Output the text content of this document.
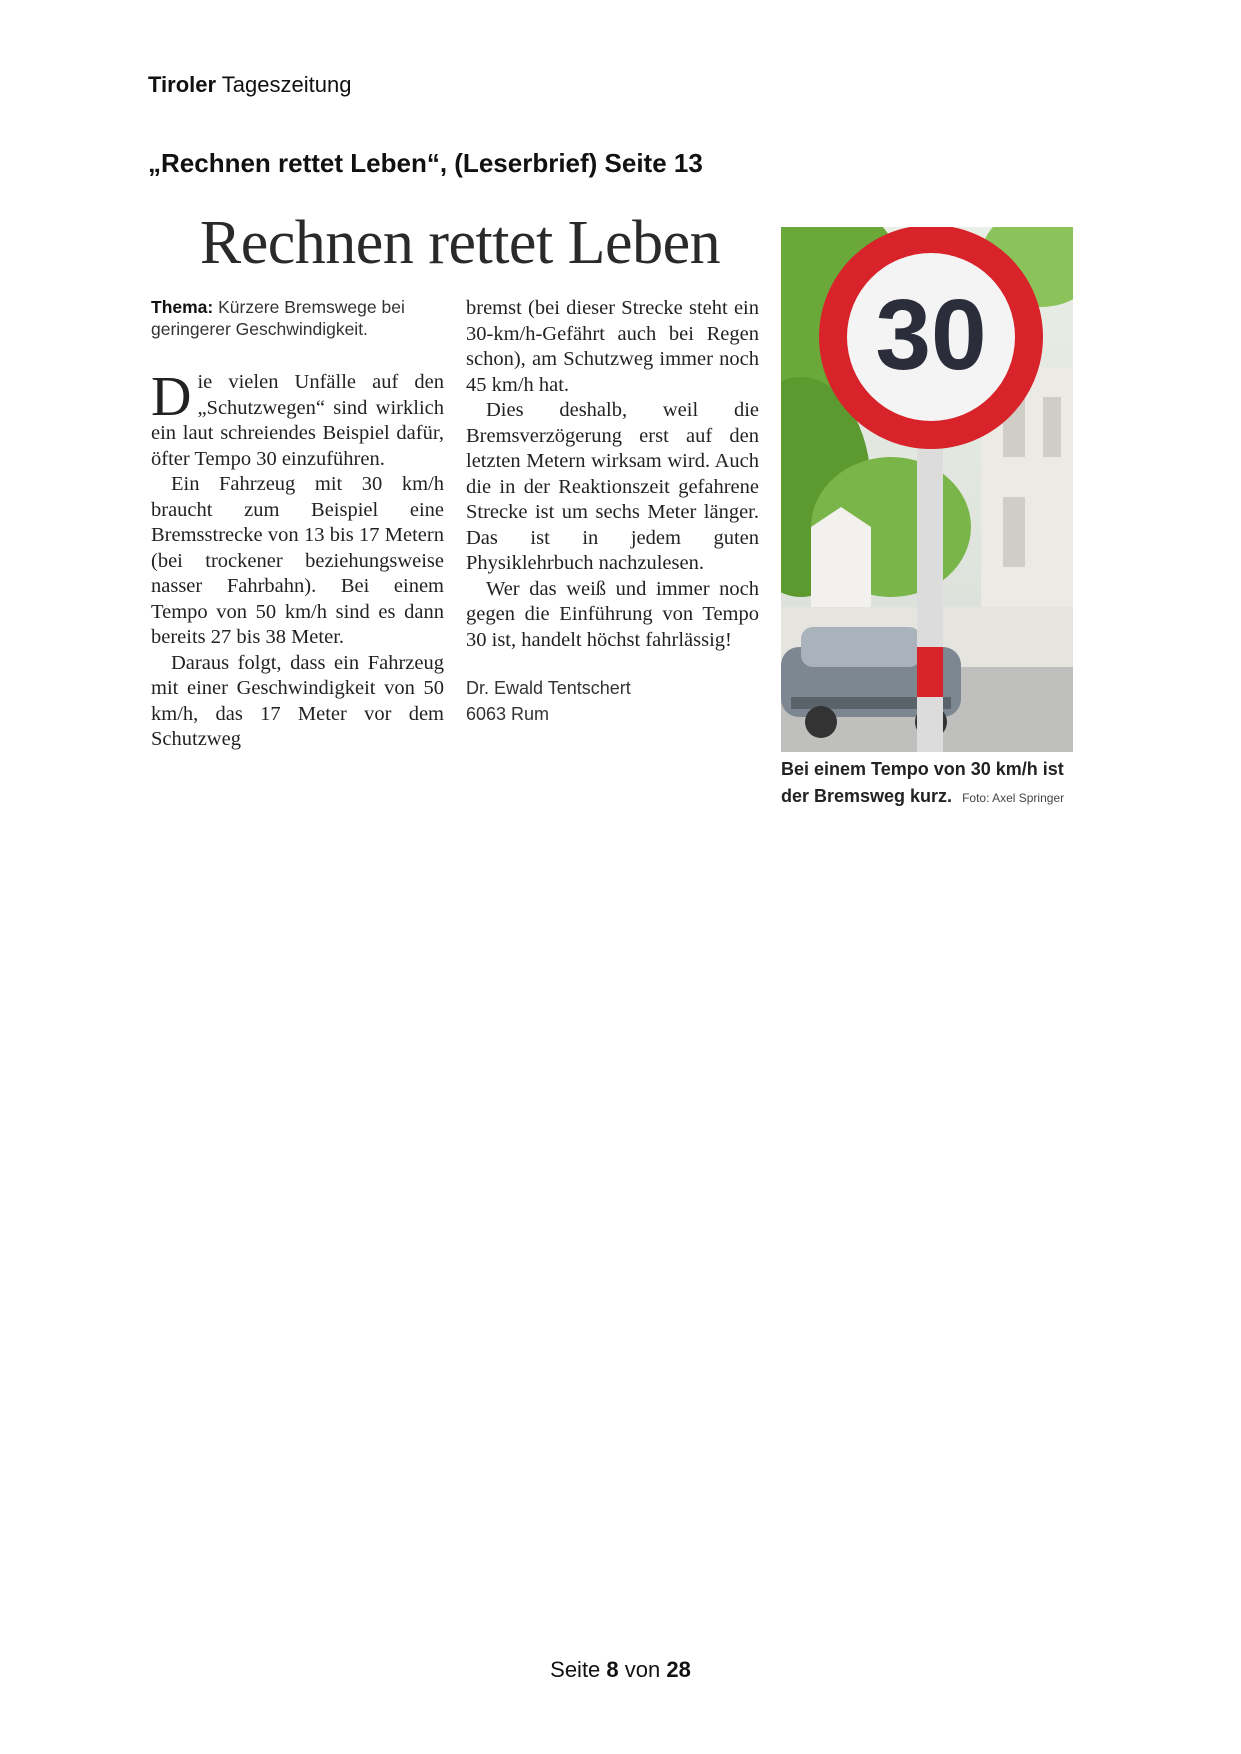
Tiroler Tageszeitung
„Rechnen rettet Leben“, (Leserbrief) Seite 13
Rechnen rettet Leben
Thema: Kürzere Bremswege bei geringerer Geschwindigkeit.

Die vielen Unfälle auf den „Schutzwegen“ sind wirklich ein laut schreiendes Beispiel dafür, öfter Tempo 30 einzuführen.

Ein Fahrzeug mit 30 km/h braucht zum Beispiel eine Bremsstrecke von 13 bis 17 Metern (bei trockener beziehungsweise nasser Fahrbahn). Bei einem Tempo von 50 km/h sind es dann bereits 27 bis 38 Meter.

Daraus folgt, dass ein Fahrzeug mit einer Geschwindigkeit von 50 km/h, das 17 Meter vor dem Schutzweg

bremst (bei dieser Strecke steht ein 30-km/h-Gefährt auch bei Regen schon), am Schutzweg immer noch 45 km/h hat.

Dies deshalb, weil die Bremsverzögerung erst auf den letzten Metern wirksam wird. Auch die in der Reaktionszeit gefahrene Strecke ist um sechs Meter länger. Das ist in jedem guten Physiklehrbuch nachzulesen.

Wer das weiß und immer noch gegen die Einführung von Tempo 30 ist, handelt höchst fahrlässig!

Dr. Ewald Tentschert
6063 Rum
30
Bei einem Tempo von 30 km/h ist der Bremsweg kurz. Foto: Axel Springer
Seite 8 von 28
